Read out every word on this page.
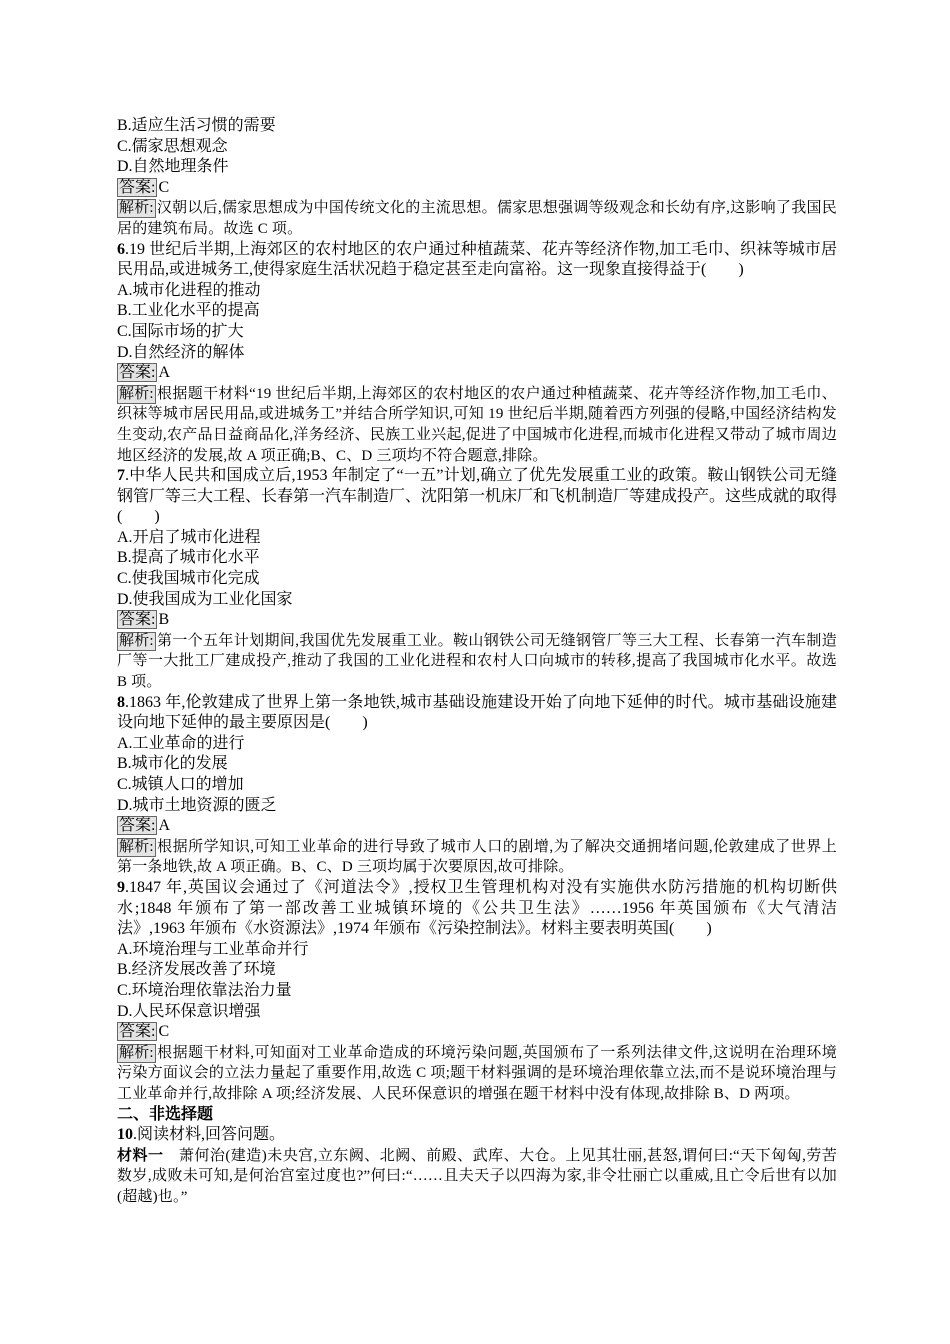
B.适应生活习惯的需要
C.儒家思想观念
D.自然地理条件
答案: C
解析: 汉朝以后,儒家思想成为中国传统文化的主流思想。儒家思想强调等级观念和长幼有序,这影响了我国民居的建筑布局。故选 C 项。
6.19 世纪后半期,上海郊区的农村地区的农户通过种植蔬菜、花卉等经济作物,加工毛巾、织袜等城市居民用品,或进城务工,使得家庭生活状况趋于稳定甚至走向富裕。这一现象直接得益于(　　)
A.城市化进程的推动
B.工业化水平的提高
C.国际市场的扩大
D.自然经济的解体
答案: A
解析: 根据题干材料“19 世纪后半期,上海郊区的农村地区的农户通过种植蔬菜、花卉等经济作物,加工毛巾、织袜等城市居民用品,或进城务工”并结合所学知识,可知 19 世纪后半期,随着西方列强的侵略,中国经济结构发生变动,农产品日益商品化,洋务经济、民族工业兴起,促进了中国城市化进程,而城市化进程又带动了城市周边地区经济的发展,故 A 项正确;B、C、D 三项均不符合题意,排除。
7.中华人民共和国成立后,1953 年制定了“一五”计划,确立了优先发展重工业的政策。鞍山钢铁公司无缝钢管厂等三大工程、长春第一汽车制造厂、沈阳第一机床厂和飞机制造厂等建成投产。这些成就的取得(　　)
A.开启了城市化进程
B.提高了城市化水平
C.使我国城市化完成
D.使我国成为工业化国家
答案: B
解析: 第一个五年计划期间,我国优先发展重工业。鞍山钢铁公司无缝钢管厂等三大工程、长春第一汽车制造厂等一大批工厂建成投产,推动了我国的工业化进程和农村人口向城市的转移,提高了我国城市化水平。故选 B 项。
8.1863 年,伦敦建成了世界上第一条地铁,城市基础设施建设开始了向地下延伸的时代。城市基础设施建设向地下延伸的最主要原因是(　　)
A.工业革命的进行
B.城市化的发展
C.城镇人口的增加
D.城市土地资源的匮乏
答案: A
解析: 根据所学知识,可知工业革命的进行导致了城市人口的剧增,为了解决交通拥堵问题,伦敦建成了世界上第一条地铁,故 A 项正确。B、C、D 三项均属于次要原因,故可排除。
9.1847 年,英国议会通过了《河道法令》,授权卫生管理机构对没有实施供水防污措施的机构切断供水;1848 年颁布了第一部改善工业城镇环境的《公共卫生法》……1956 年英国颁布《大气清洁法》,1963 年颁布《水资源法》,1974 年颁布《污染控制法》。材料主要表明英国(　　)
A.环境治理与工业革命并行
B.经济发展改善了环境
C.环境治理依靠法治力量
D.人民环保意识增强
答案: C
解析: 根据题干材料,可知面对工业革命造成的环境污染问题,英国颁布了一系列法律文件,这说明在治理环境污染方面议会的立法力量起了重要作用,故选 C 项;题干材料强调的是环境治理依靠立法,而不是说环境治理与工业革命并行,故排除 A 项;经济发展、人民环保意识的增强在题干材料中没有体现,故排除 B、D 两项。
二、非选择题
10.阅读材料,回答问题。
材料一　萧何治(建造)未央宫,立东阙、北阙、前殿、武库、大仓。上见其壮丽,甚怒,谓何曰:“天下匈匈,劳苦数岁,成败未可知,是何治宫室过度也?”何曰:“……且夫天子以四海为家,非令壮丽亡以重威,且亡令后世有以加(超越)也。”
